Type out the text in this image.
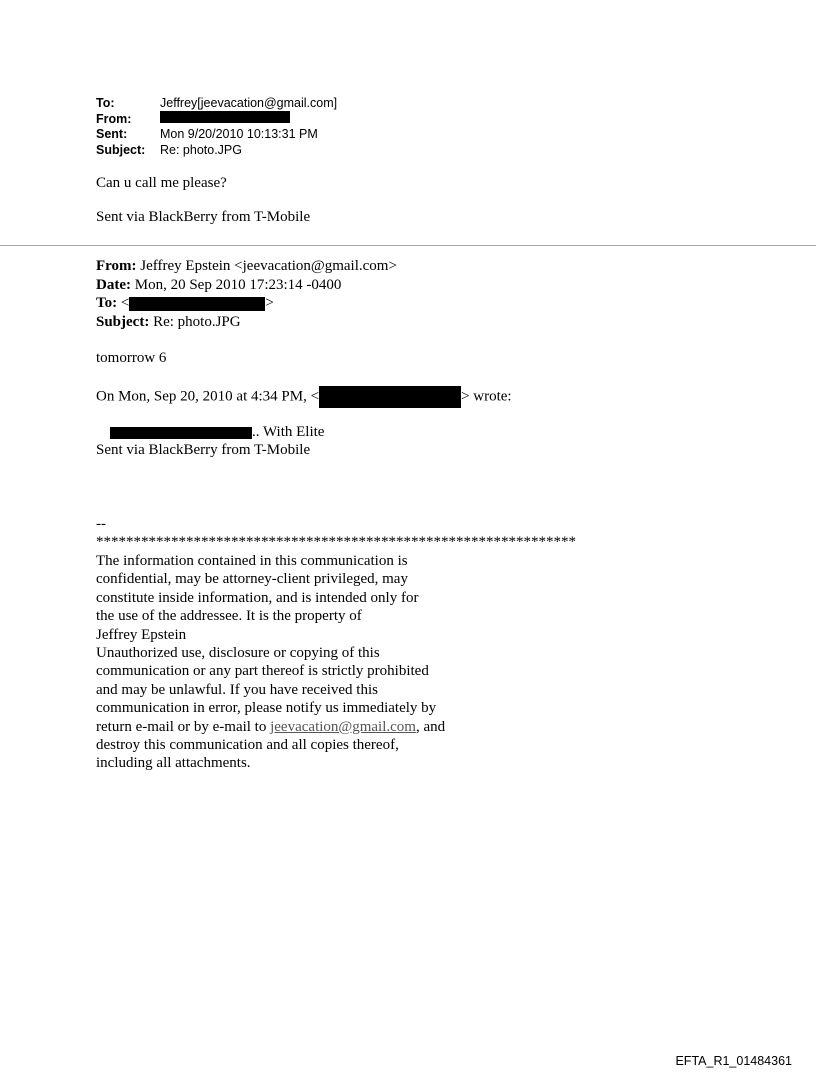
To:	Jeffrey[jeevacation@gmail.com]
From:
Sent:	Mon 9/20/2010 10:13:31 PM
Subject: Re: photo.JPG
Can u call me please?
Sent via BlackBerry from T-Mobile
From: Jeffrey Epstein <jeevacation@gmail.com>
Date: Mon, 20 Sep 2010 17:23:14 -0400
To: <	>
Subject: Re: photo.JPG
tomorrow 6
On Mon, Sep 20, 2010 at 4:34 PM, <	> wrote:
.. With Elite
Sent via BlackBerry from T-Mobile
--
****************************************************************
The information contained in this communication is
confidential, may be attorney-client privileged, may
constitute inside information, and is intended only for
the use of the addressee. It is the property of
Jeffrey Epstein
Unauthorized use, disclosure or copying of this
communication or any part thereof is strictly prohibited
and may be unlawful. If you have received this
communication in error, please notify us immediately by
return e-mail or by e-mail to jeevacation@gmail.com, and
destroy this communication and all copies thereof,
including all attachments.
EFTA_R1_01484361
